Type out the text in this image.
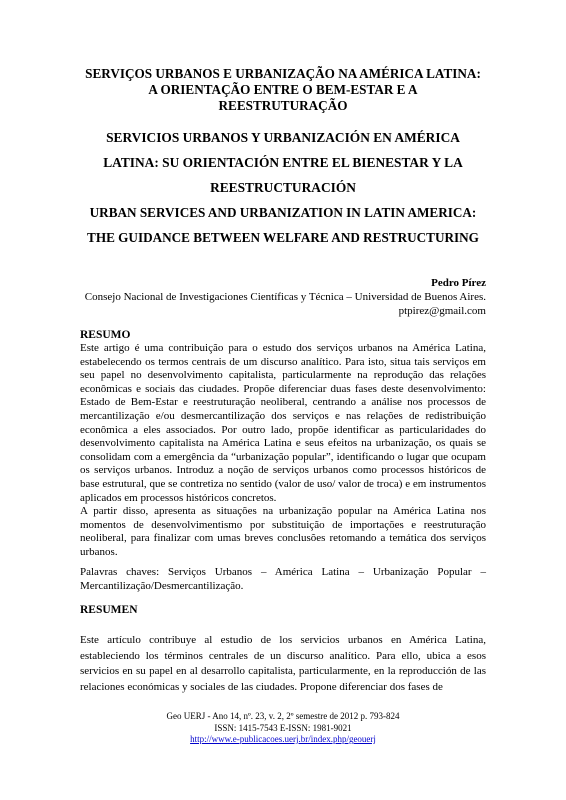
SERVIÇOS URBANOS E URBANIZAÇÃO NA AMÉRICA LATINA:
A ORIENTAÇÃO ENTRE O BEM-ESTAR E A
REESTRUTURAÇÃO
SERVICIOS URBANOS Y URBANIZACIÓN EN AMÉRICA
LATINA: SU ORIENTACIÓN ENTRE EL BIENESTAR Y LA
REESTRUCTURACIÓN
URBAN SERVICES AND URBANIZATION IN LATIN AMERICA:
THE GUIDANCE BETWEEN WELFARE AND RESTRUCTURING
Pedro Pírez
Consejo Nacional de Investigaciones Científicas y Técnica – Universidad de Buenos Aires.
ptpirez@gmail.com
RESUMO

Este artigo é uma contribuição para o estudo dos serviços urbanos na América Latina, estabelecendo os termos centrais de um discurso analítico. Para isto, situa tais serviços em seu papel no desenvolvimento capitalista, particularmente na reprodução das relações econômicas e sociais das ciudades. Propõe diferenciar duas fases deste desenvolvimento: Estado de Bem-Estar e reestruturação neoliberal, centrando a análise nos processos de mercantilização e/ou desmercantilização dos serviços e nas relações de redistribuição econômica a eles associados. Por outro lado, propõe identificar as particularidades do desenvolvimento capitalista na América Latina e seus efeitos na urbanização, os quais se consolidam com a emergência da “urbanização popular”, identificando o lugar que ocupam os serviços urbanos. Introduz a noção de serviços urbanos como processos históricos de base estrutural, que se contretiza no sentido (valor de uso/ valor de troca) e em instrumentos aplicados em processos históricos concretos.

A partir disso, apresenta as situações na urbanização popular na América Latina nos momentos de desenvolvimentismo por substituição de importações e reestruturação neoliberal, para finalizar com umas breves conclusões retomando a temática dos serviços urbanos.

Palavras chaves: Serviços Urbanos – América Latina – Urbanização Popular – Mercantilização/Desmercantilização.
RESUMEN

Este artículo contribuye al estudio de los servicios urbanos en América Latina, estableciendo los términos centrales de un discurso analítico. Para ello, ubica a esos servicios en su papel en al desarrollo capitalista, particularmente, en la reproducción de las relaciones económicas y sociales de las ciudades. Propone diferenciar dos fases de

Geo UERJ - Ano 14, nº. 23, v. 2, 2º semestre de 2012 p. 793-824
ISSN: 1415-7543 E-ISSN: 1981-9021
http://www.e-publicacoes.uerj.br/index.php/geouerj
